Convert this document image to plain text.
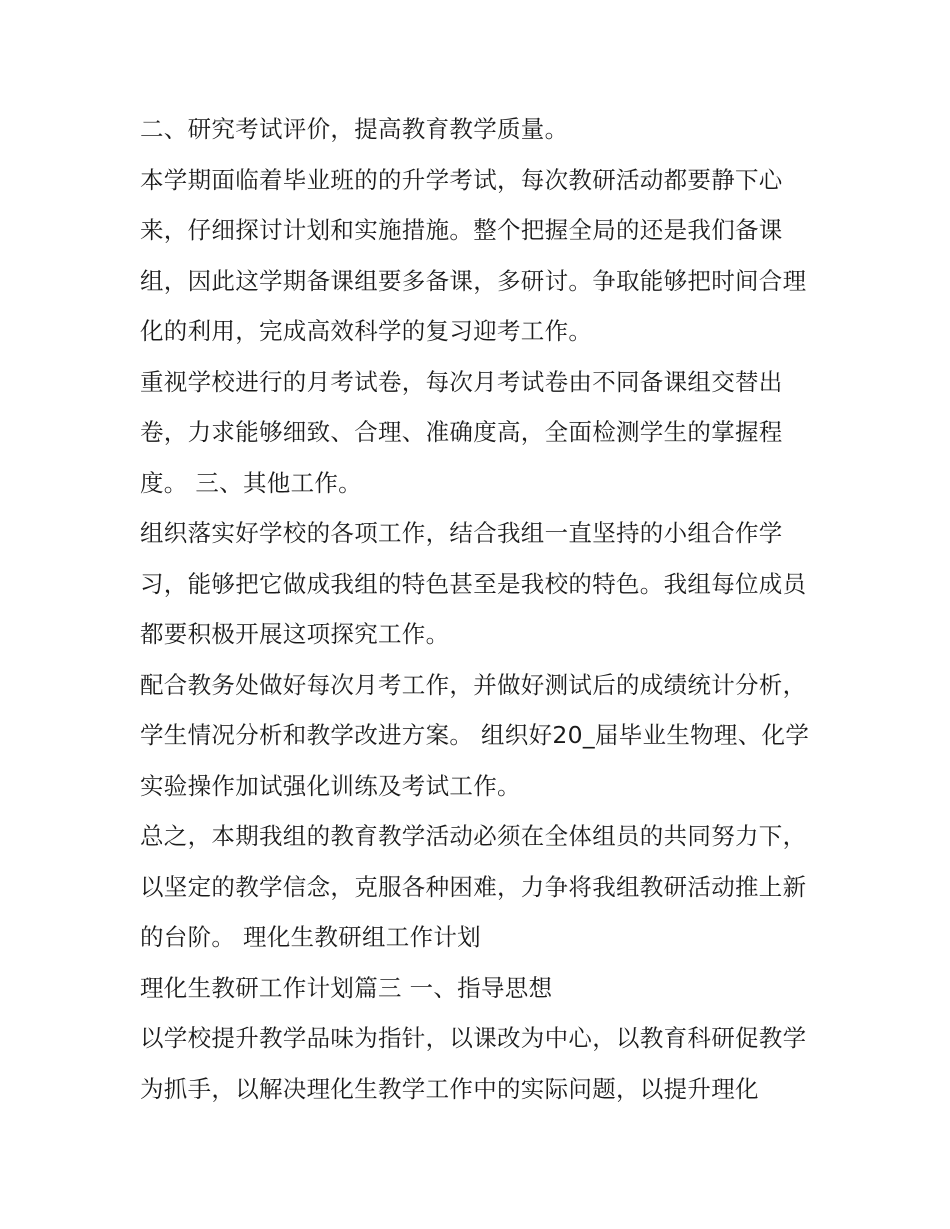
二、研究考试评价，提高教育教学质量。

本学期面临着毕业班的的升学考试，每次教研活动都要静下心来，仔细探讨计划和实施措施。整个把握全局的还是我们备课组，因此这学期备课组要多备课，多研讨。争取能够把时间合理化的利用，完成高效科学的复习迎考工作。

重视学校进行的月考试卷，每次月考试卷由不同备课组交替出卷，力求能够细致、合理、准确度高，全面检测学生的掌握程度。 三、其他工作。

组织落实好学校的各项工作，结合我组一直坚持的小组合作学习，能够把它做成我组的特色甚至是我校的特色。我组每位成员都要积极开展这项探究工作。

配合教务处做好每次月考工作，并做好测试后的成绩统计分析，学生情况分析和教学改进方案。 组织好20_届毕业生物理、化学实验操作加试强化训练及考试工作。

总之，本期我组的教育教学活动必须在全体组员的共同努力下，以坚定的教学信念，克服各种困难，力争将我组教研活动推上新的台阶。 理化生教研组工作计划

理化生教研工作计划篇三 一、指导思想

以学校提升教学品味为指针，以课改为中心，以教育科研促教学为抓手，以解决理化生教学工作中的实际问题，以提升理化
